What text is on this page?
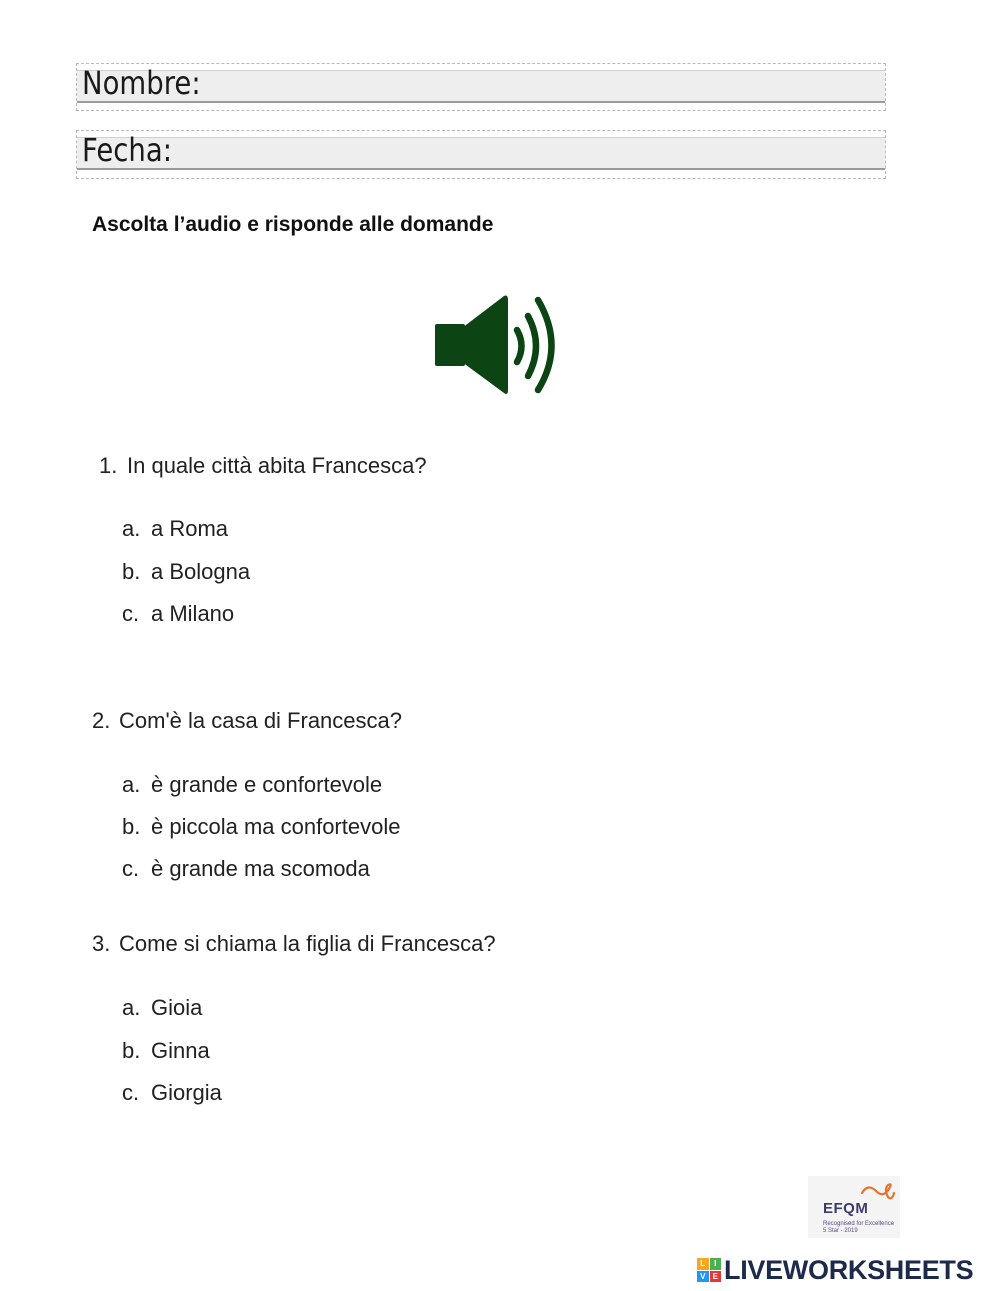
Nombre:
Fecha:
Ascolta l’audio e risponde alle domande
1. In quale città abita Francesca?
a. a Roma
b. a Bologna
c. a Milano
2. Com'è la casa di Francesca?
a. è grande e confortevole
b. è piccola ma confortevole
c. è grande ma scomoda
3. Come si chiama la figlia di Francesca?
a. Gioia
b. Ginna
c. Giorgia
EFQM
Recognised for Excellence
5 Star - 2019
L	I
V E LIVEWORKSHEETS
